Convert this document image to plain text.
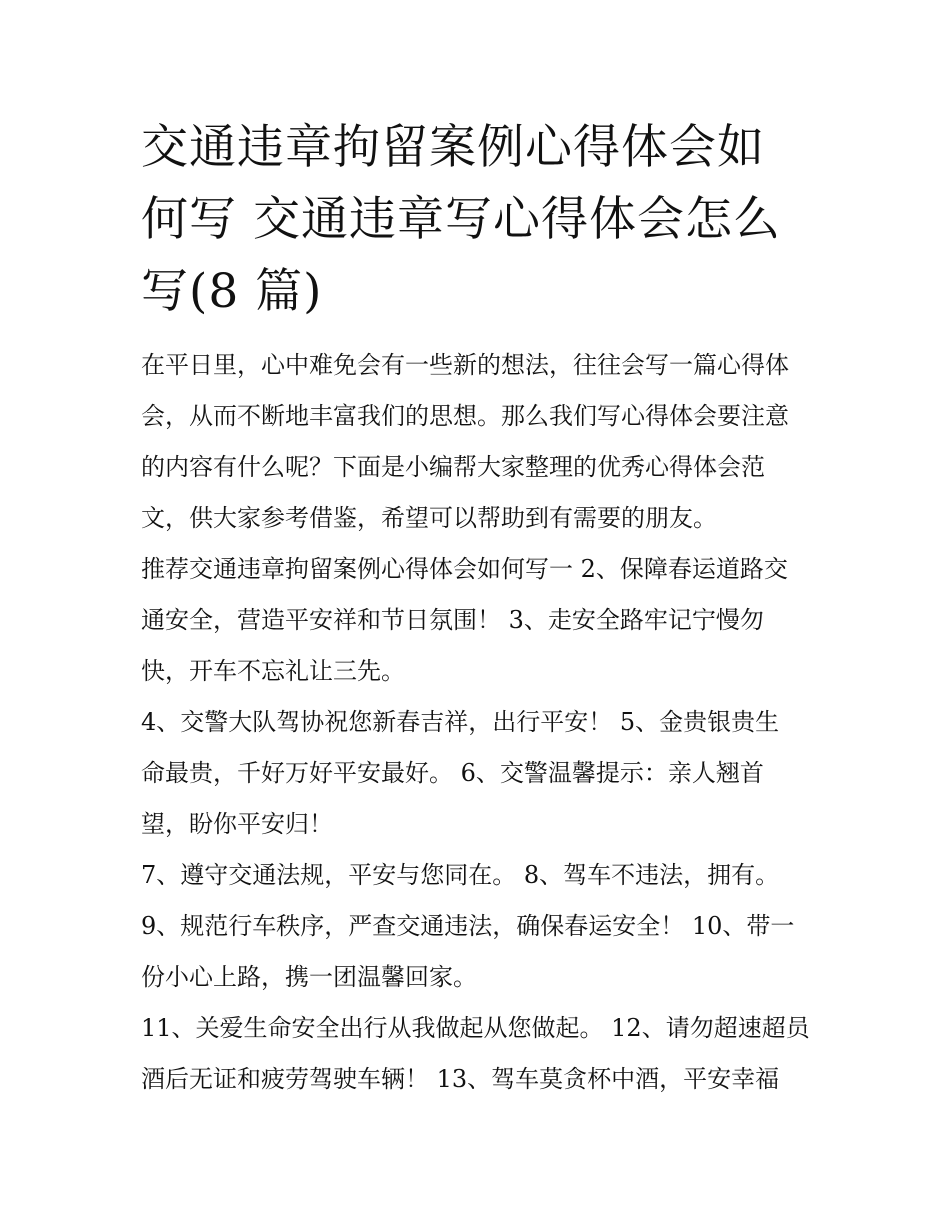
交通违章拘留案例心得体会如
何写 交通违章写心得体会怎么
写(8 篇)

在平日里，心中难免会有一些新的想法，往往会写一篇心得体
会，从而不断地丰富我们的思想。那么我们写心得体会要注意
的内容有什么呢？下面是小编帮大家整理的优秀心得体会范
文，供大家参考借鉴，希望可以帮助到有需要的朋友。

推荐交通违章拘留案例心得体会如何写一 2、保障春运道路交
通安全，营造平安祥和节日氛围！ 3、走安全路牢记宁慢勿
快，开车不忘礼让三先。

4、交警大队驾协祝您新春吉祥，出行平安！ 5、金贵银贵生
命最贵，千好万好平安最好。 6、交警温馨提示：亲人翘首
望，盼你平安归！

7、遵守交通法规，平安与您同在。 8、驾车不违法，拥有。

9、规范行车秩序，严查交通违法，确保春运安全！ 10、带一
份小心上路，携一团温馨回家。

11、关爱生命安全出行从我做起从您做起。 12、请勿超速超员
酒后无证和疲劳驾驶车辆！ 13、驾车莫贪杯中酒，平安幸福
